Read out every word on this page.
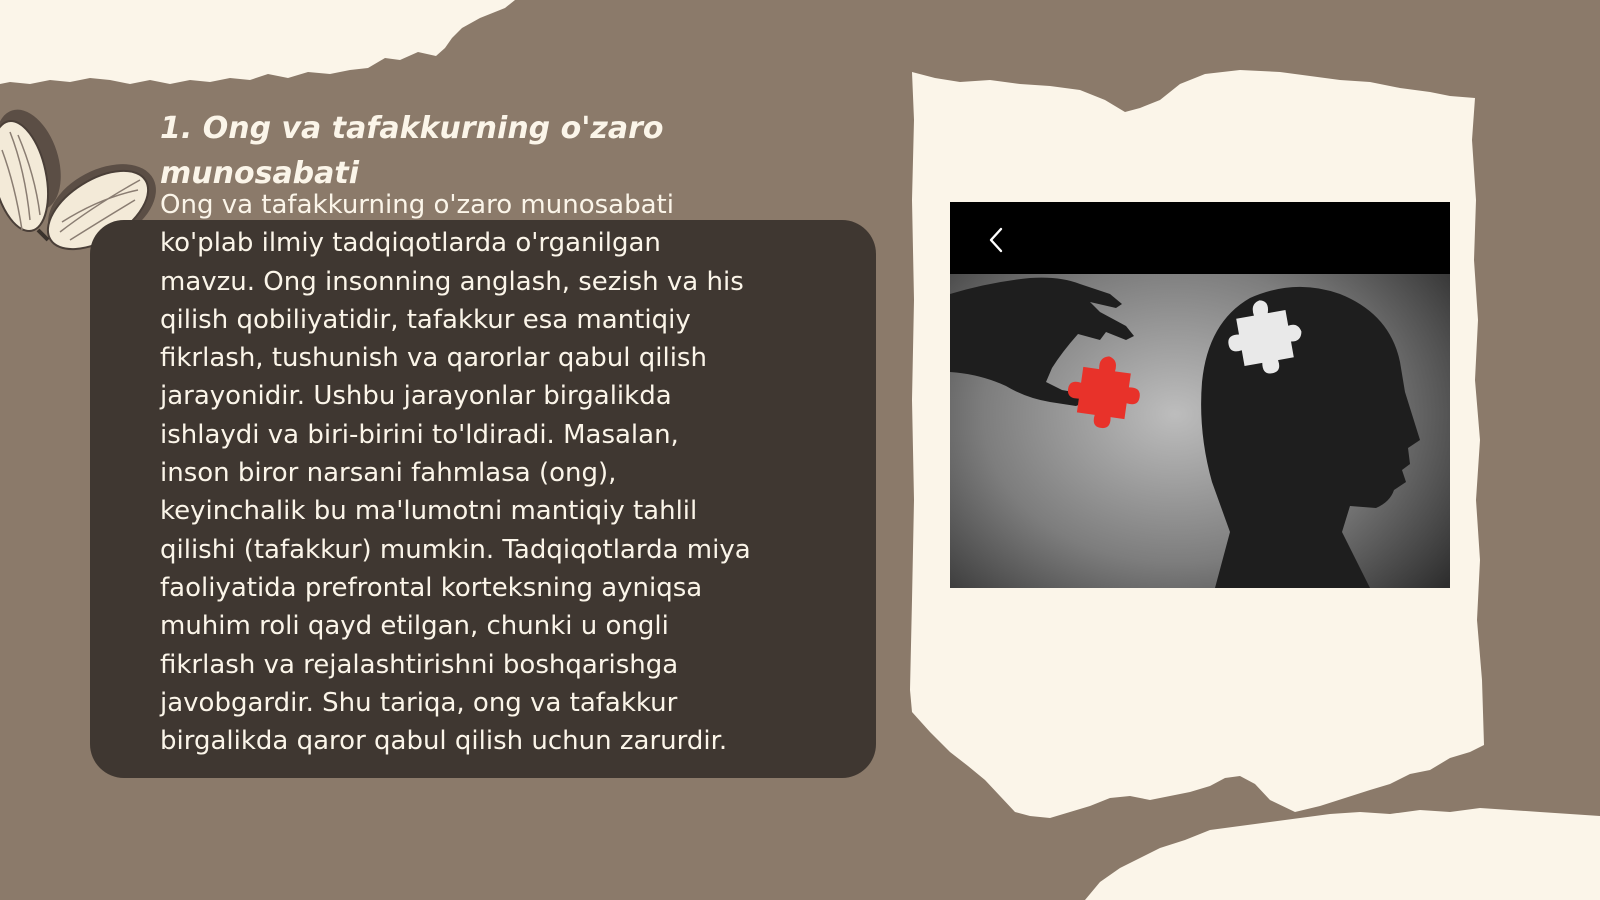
1. Ong va tafakkurning o'zaro munosabati

Ong va tafakkurning o'zaro munosabati
ko'plab ilmiy tadqiqotlarda o'rganilgan
mavzu. Ong insonning anglash, sezish va his
qilish qobiliyatidir, tafakkur esa mantiqiy
fikrlash, tushunish va qarorlar qabul qilish
jarayonidir. Ushbu jarayonlar birgalikda
ishlaydi va biri-birini to'ldiradi. Masalan,
inson biror narsani fahmlasa (ong),
keyinchalik bu ma'lumotni mantiqiy tahlil
qilishi (tafakkur) mumkin. Tadqiqotlarda miya
faoliyatida prefrontal korteksning ayniqsa
muhim roli qayd etilgan, chunki u ongli
fikrlash va rejalashtirishni boshqarishga
javobgardir. Shu tariqa, ong va tafakkur
birgalikda qaror qabul qilish uchun zarurdir.
